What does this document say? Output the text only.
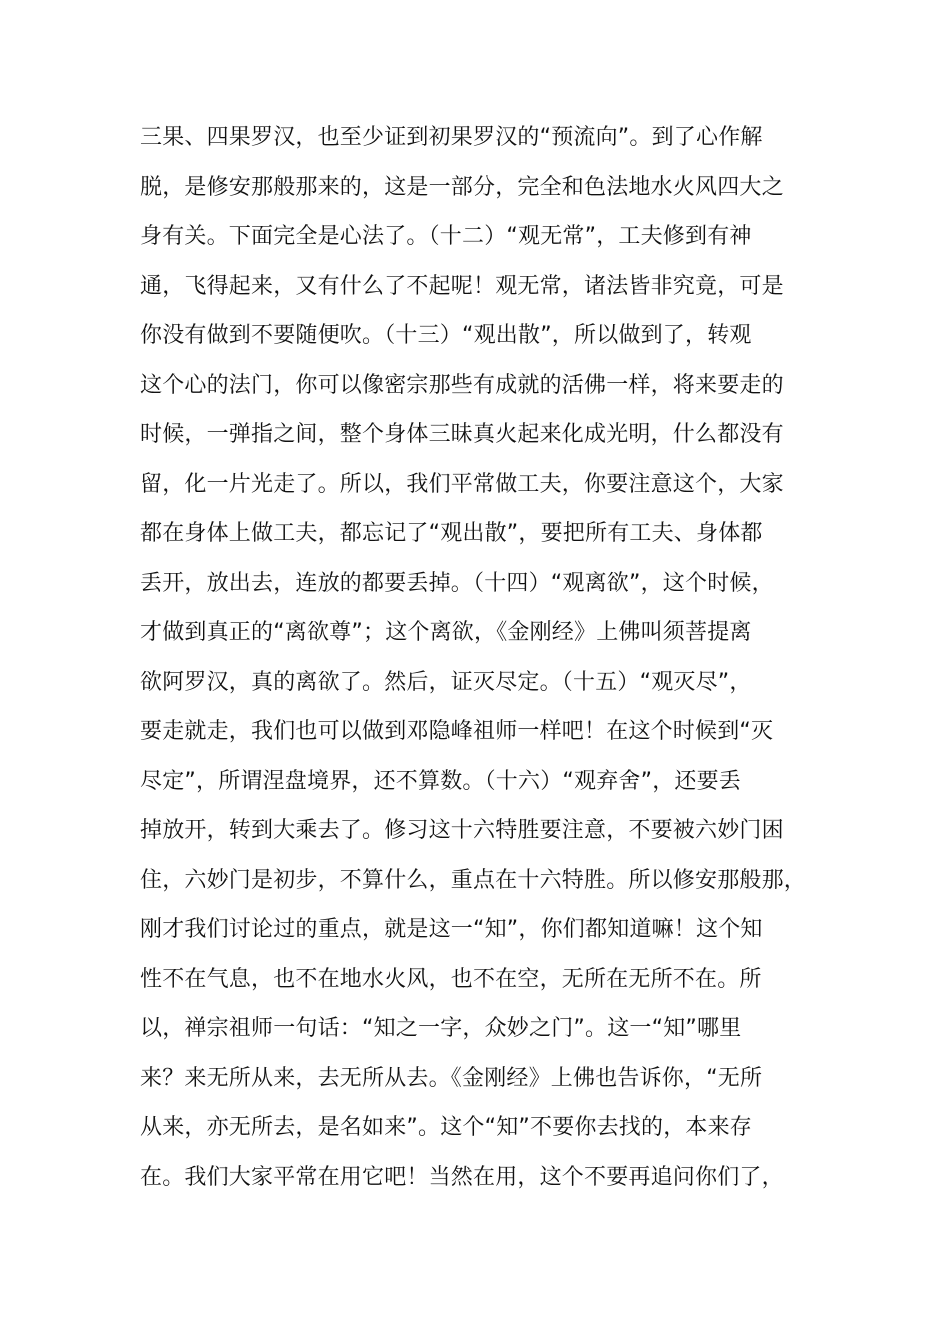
三果、四果罗汉，也至少证到初果罗汉的“预流向”。到了心作解
脱，是修安那般那来的，这是一部分，完全和色法地水火风四大之
身有关。下面完全是心法了。（十二）“观无常”，工夫修到有神
通，飞得起来，又有什么了不起呢！观无常，诸法皆非究竟，可是
你没有做到不要随便吹。（十三）“观出散”，所以做到了，转观
这个心的法门，你可以像密宗那些有成就的活佛一样，将来要走的
时候，一弹指之间，整个身体三昧真火起来化成光明，什么都没有
留，化一片光走了。所以，我们平常做工夫，你要注意这个，大家
都在身体上做工夫，都忘记了“观出散”，要把所有工夫、身体都
丢开，放出去，连放的都要丢掉。（十四）“观离欲”，这个时候，
才做到真正的“离欲尊”；这个离欲，《金刚经》上佛叫须菩提离
欲阿罗汉，真的离欲了。然后，证灭尽定。（十五）“观灭尽”，
要走就走，我们也可以做到邓隐峰祖师一样吧！在这个时候到“灭
尽定”，所谓涅盘境界，还不算数。（十六）“观弃舍”，还要丢
掉放开，转到大乘去了。修习这十六特胜要注意，不要被六妙门困
住，六妙门是初步，不算什么，重点在十六特胜。所以修安那般那，
刚才我们讨论过的重点，就是这一“知”，你们都知道嘛！这个知
性不在气息，也不在地水火风，也不在空，无所在无所不在。所
以，禅宗祖师一句话：“知之一字，众妙之门”。这一“知”哪里
来？来无所从来，去无所从去。《金刚经》上佛也告诉你，“无所
从来，亦无所去，是名如来”。这个“知”不要你去找的，本来存
在。我们大家平常在用它吧！当然在用，这个不要再追问你们了，
